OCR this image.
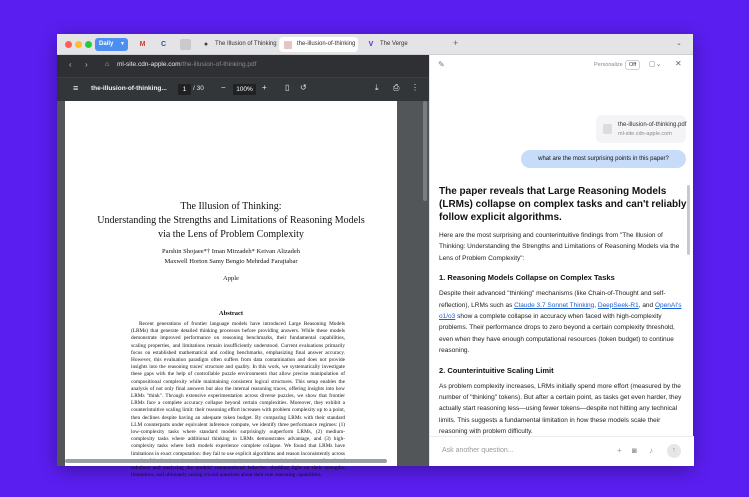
Daily ▼	M	C	●	The Illusion of Thinking	the-illusion-of-thinking	V The Verge	+	⌄
‹ › ⌂ ml-site.cdn-apple.com/the-illusion-of-thinking.pdf
≡ the-illusion-of-thinking...	1	/ 30 −	100%	+ ▯ ↺	⤓ ⎙ ⋮
The Illusion of Thinking:
Understanding the Strengths and Limitations of Reasoning Models
via the Lens of Problem Complexity
Parshin Shojaee*† Iman Mirzadeh* Keivan Alizadeh
Maxwell Horton Samy Bengio Mehrdad Farajtabar
Apple
Abstract
Recent generations of frontier language models have introduced Large Reasoning Models (LRMs) that generate detailed thinking processes before providing answers. While these models demonstrate improved performance on reasoning benchmarks, their fundamental capabilities, scaling properties, and limitations remain insufficiently understood. Current evaluations primarily focus on established mathematical and coding benchmarks, emphasizing final answer accuracy. However, this evaluation paradigm often suffers from data contamination and does not provide insights into the reasoning traces' structure and quality. In this work, we systematically investigate these gaps with the help of controllable puzzle environments that allow precise manipulation of compositional complexity while maintaining consistent logical structures. This setup enables the analysis of not only final answers but also the internal reasoning traces, offering insights into how LRMs "think". Through extensive experimentation across diverse puzzles, we show that frontier LRMs face a complete accuracy collapse beyond certain complexities. Moreover, they exhibit a counterintuitive scaling limit: their reasoning effort increases with problem complexity up to a point, then declines despite having an adequate token budget. By comparing LRMs with their standard LLM counterparts under equivalent inference compute, we identify three performance regimes: (1) low-complexity tasks where standard models surprisingly outperform LRMs, (2) medium-complexity tasks where additional thinking in LRMs demonstrates advantage, and (3) high-complexity tasks where both models experience complete collapse. We found that LRMs have limitations in exact computation: they fail to use explicit algorithms and reason inconsistently across solutions and analyzing the models' computational behavior, shedding light on their strengths, limitations, and ultimately raising crucial questions about their true reasoning capabilities.
✎	Personalize	Off	▢⌄ ✕
the-illusion-of-thinking.pdf
ml-site.cdn-apple.com
what are the most surprising points in this paper?
The paper reveals that Large Reasoning Models (LRMs) collapse on complex tasks and can't reliably follow explicit algorithms.

Here are the most surprising and counterintuitive findings from "The Illusion of Thinking: Understanding the Strengths and Limitations of Reasoning Models via the Lens of Problem Complexity":

1. Reasoning Models Collapse on Complex Tasks

Despite their advanced "thinking" mechanisms (like Chain-of-Thought and self-reflection), LRMs such as Claude 3.7 Sonnet Thinking, DeepSeek-R1, and OpenAI's o1/o3 show a complete collapse in accuracy when faced with high-complexity problems. Their performance drops to zero beyond a certain complexity threshold, even when they have enough computational resources (token budget) to continue reasoning.

2. Counterintuitive Scaling Limit

As problem complexity increases, LRMs initially spend more effort (measured by the number of "thinking" tokens). But after a certain point, as tasks get even harder, they actually start reasoning less—using fewer tokens—despite not hitting any technical limits. This suggests a fundamental limitation in how these models scale their reasoning with problem difficulty.

Ask another question...	+ ◙ ♪	↑
